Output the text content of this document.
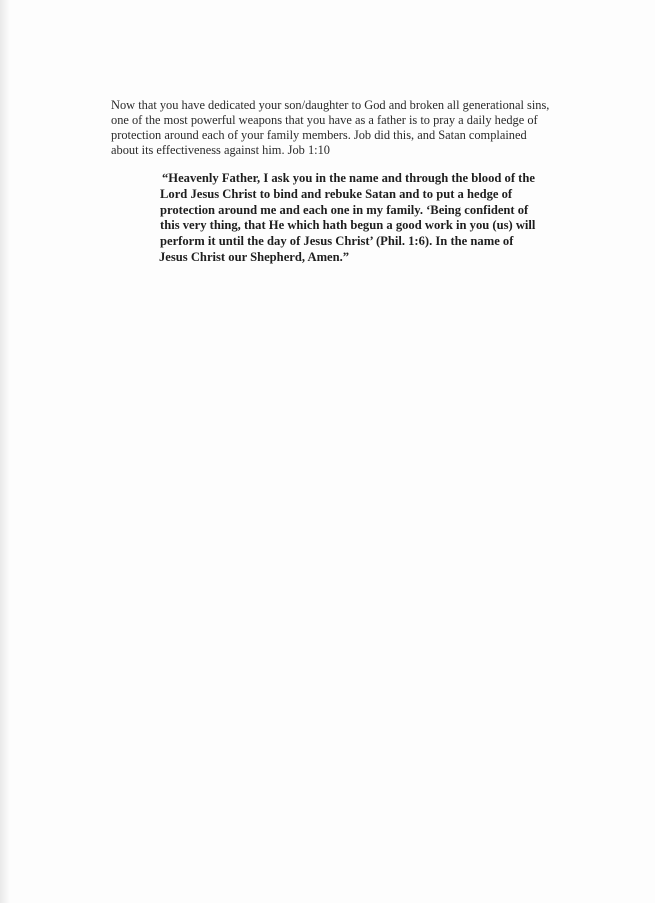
Now that you have dedicated your son/daughter to God and broken all generational sins,
one of the most powerful weapons that you have as a father is to pray a daily hedge of
protection around each of your family members. Job did this, and Satan complained
about its effectiveness against him. Job 1:10
“Heavenly Father, I ask you in the name and through the blood of the
Lord Jesus Christ to bind and rebuke Satan and to put a hedge of
protection around me and each one in my family. ‘Being confident of
this very thing, that He which hath begun a good work in you (us) will
perform it until the day of Jesus Christ’ (Phil. 1:6). In the name of
Jesus Christ our Shepherd, Amen.”
